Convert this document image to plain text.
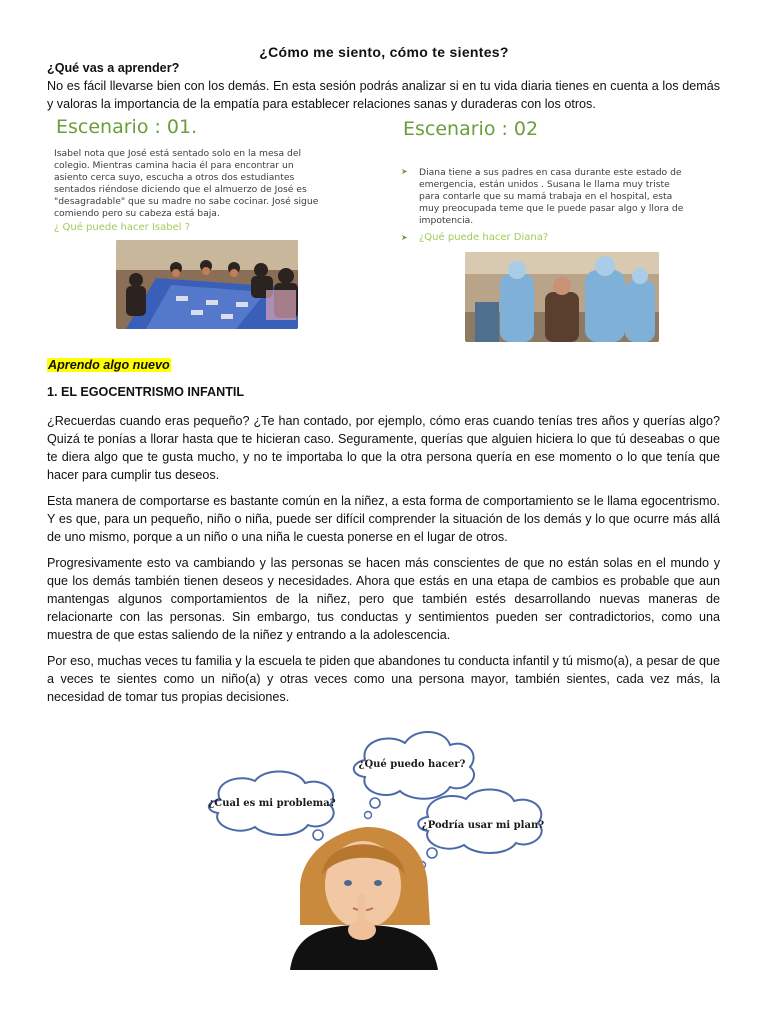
¿Cómo me siento, cómo te sientes?

¿Qué vas a aprender?

No es fácil llevarse bien con los demás. En esta sesión podrás analizar si en tu vida diaria tienes en cuenta a los demás y valoras la importancia de la empatía para establecer relaciones sanas y duraderas con los otros.

Escenario : 01.

Isabel nota que José está sentado solo en la mesa del colegio. Mientras camina hacia él para encontrar un asiento cerca suyo, escucha a otros dos estudiantes sentados riéndose diciendo que el almuerzo de José es "desagradable" que su madre no sabe cocinar. José sigue comiendo pero su cabeza está baja.

¿ Qué puede hacer Isabel ?

Escenario : 02

➤ Diana tiene a sus padres en casa durante este estado de emergencia, están unidos . Susana le llama muy triste para contarle que su mamá trabaja en el hospital, esta muy preocupada teme que le puede pasar algo y llora de impotencia.

➤ ¿Qué puede hacer Diana?

Aprendo algo nuevo

1. EL EGOCENTRISMO INFANTIL

¿Recuerdas cuando eras pequeño? ¿Te han contado, por ejemplo, cómo eras cuando tenías tres años y querías algo? Quizá te ponías a llorar hasta que te hicieran caso. Seguramente, querías que alguien hiciera lo que tú deseabas o que te diera algo que te gusta mucho, y no te importaba lo que la otra persona quería en ese momento o lo que tenía que hacer para cumplir tus deseos.

Esta manera de comportarse es bastante común en la niñez, a esta forma de comportamiento se le llama egocentrismo. Y es que, para un pequeño, niño o niña, puede ser difícil comprender la situación de los demás y lo que ocurre más allá de uno mismo, porque a un niño o una niña le cuesta ponerse en el lugar de otros.

Progresivamente esto va cambiando y las personas se hacen más conscientes de que no están solas en el mundo y que los demás también tienen deseos y necesidades. Ahora que estás en una etapa de cambios es probable que aun mantengas algunos comportamientos de la niñez, pero que también estés desarrollando nuevas maneras de relacionarte con las personas. Sin embargo, tus conductas y sentimientos pueden ser contradictorios, como una muestra de que estas saliendo de la niñez y entrando a la adolescencia.

Por eso, muchas veces tu familia y la escuela te piden que abandones tu conducta infantil y tú mismo(a), a pesar de que a veces te sientes como un niño(a) y otras veces como una persona mayor, también sientes, cada vez más, la necesidad de tomar tus propias decisiones.

¿Qué puedo hacer?
¿Cual es mi problema?
¿Podría usar mi plan?
